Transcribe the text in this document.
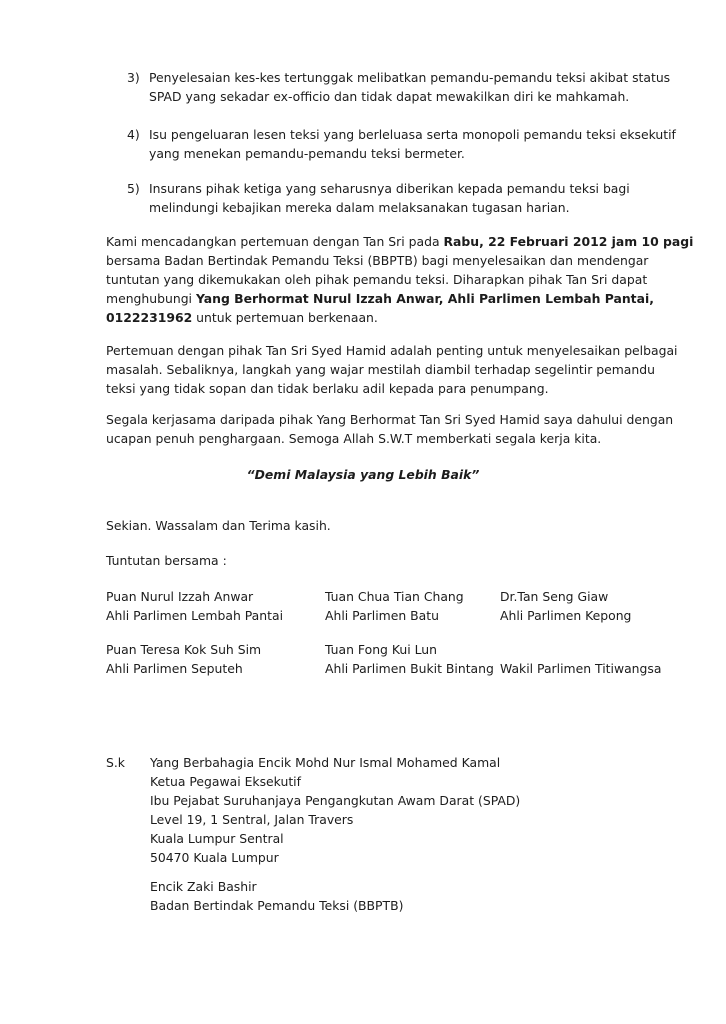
3) Penyelesaian kes-kes tertunggak melibatkan pemandu-pemandu teksi akibat status
SPAD yang sekadar ex-officio dan tidak dapat mewakilkan diri ke mahkamah.
4) Isu pengeluaran lesen teksi yang berleluasa serta monopoli pemandu teksi eksekutif
yang menekan pemandu-pemandu teksi bermeter.
5) Insurans pihak ketiga yang seharusnya diberikan kepada pemandu teksi bagi
melindungi kebajikan mereka dalam melaksanakan tugasan harian.
Kami mencadangkan pertemuan dengan Tan Sri pada Rabu, 22 Februari 2012 jam 10 pagi
bersama Badan Bertindak Pemandu Teksi (BBPTB) bagi menyelesaikan dan mendengar
tuntutan yang dikemukakan oleh pihak pemandu teksi. Diharapkan pihak Tan Sri dapat
menghubungi Yang Berhormat Nurul Izzah Anwar, Ahli Parlimen Lembah Pantai,
0122231962 untuk pertemuan berkenaan.
Pertemuan dengan pihak Tan Sri Syed Hamid adalah penting untuk menyelesaikan pelbagai
masalah. Sebaliknya, langkah yang wajar mestilah diambil terhadap segelintir pemandu
teksi yang tidak sopan dan tidak berlaku adil kepada para penumpang.
Segala kerjasama daripada pihak Yang Berhormat Tan Sri Syed Hamid saya dahului dengan
ucapan penuh penghargaan. Semoga Allah S.W.T memberkati segala kerja kita.
“Demi Malaysia yang Lebih Baik”
Sekian. Wassalam dan Terima kasih.
Tuntutan bersama :
Puan Nurul Izzah Anwar
Ahli Parlimen Lembah Pantai
Tuan Chua Tian Chang
Ahli Parlimen Batu
Dr.Tan Seng Giaw
Ahli Parlimen Kepong
Puan Teresa Kok Suh Sim
Ahli Parlimen Seputeh
Tuan Fong Kui Lun
Ahli Parlimen Bukit Bintang
Wakil Parlimen Titiwangsa
S.k Yang Berbahagia Encik Mohd Nur Ismal Mohamed Kamal
Ketua Pegawai Eksekutif
Ibu Pejabat Suruhanjaya Pengangkutan Awam Darat (SPAD)
Level 19, 1 Sentral, Jalan Travers
Kuala Lumpur Sentral
50470 Kuala Lumpur
Encik Zaki Bashir
Badan Bertindak Pemandu Teksi (BBPTB)
